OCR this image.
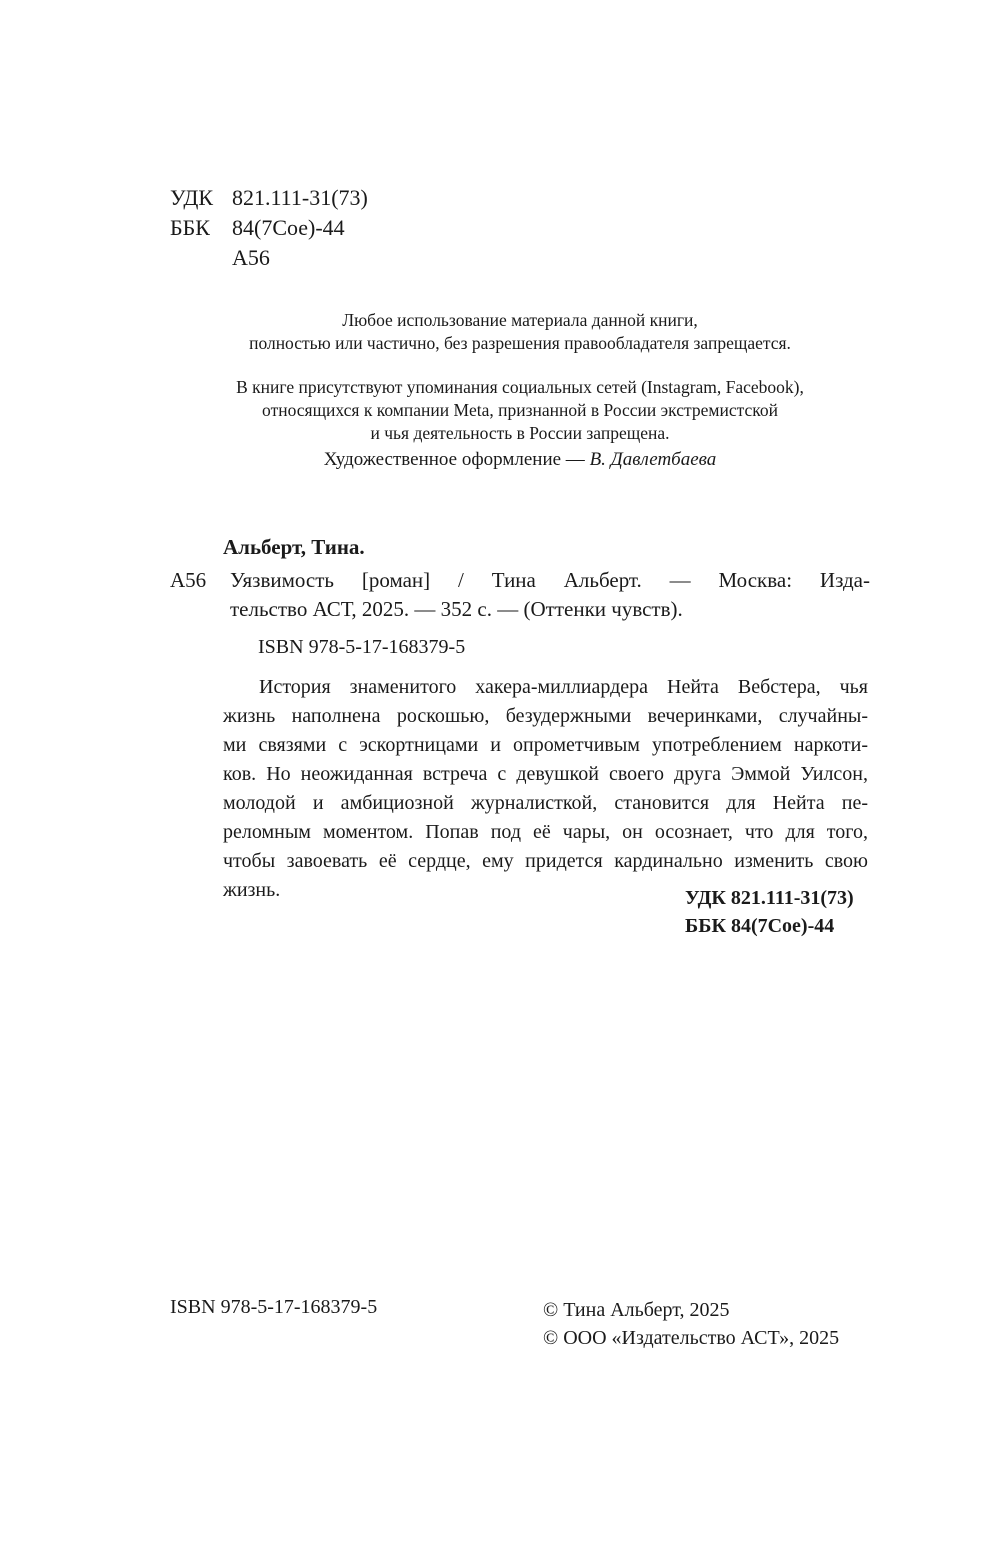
УДК 821.111-31(73)
ББК	84(7Сое)-44
А56
Любое использование материала данной книги,
полностью или частично, без разрешения правообладателя запрещается.
В книге присутствуют упоминания социальных сетей (Instagram, Facebook),
относящихся к компании Meta, признанной в России экстремистской
и чья деятельность в России запрещена.
Художественное оформление — В. Давлетбаева
Альберт, Тина.
А56 Уязвимость [роман] / Тина Альберт. — Москва: Изда-
тельство АСТ, 2025. — 352 с. — (Оттенки чувств).
ISBN 978-5-17-168379-5
История знаменитого хакера-миллиардера Нейта Вебстера, чья
жизнь наполнена роскошью, безудержными вечеринками, случайны-
ми связями с эскортницами и опрометчивым употреблением наркоти-
ков. Но неожиданная встреча с девушкой своего друга Эммой Уилсон,
молодой и амбициозной журналисткой, становится для Нейта пе-
реломным моментом. Попав под её чары, он осознает, что для того,
чтобы завоевать её сердце, ему придется кардинально изменить свою
жизнь.	УДК 821.111-31(73)
ББК 84(7Сое)-44
ISBN 978-5-17-168379-5	© Тина Альберт, 2025
© ООО «Издательство АСТ», 2025
